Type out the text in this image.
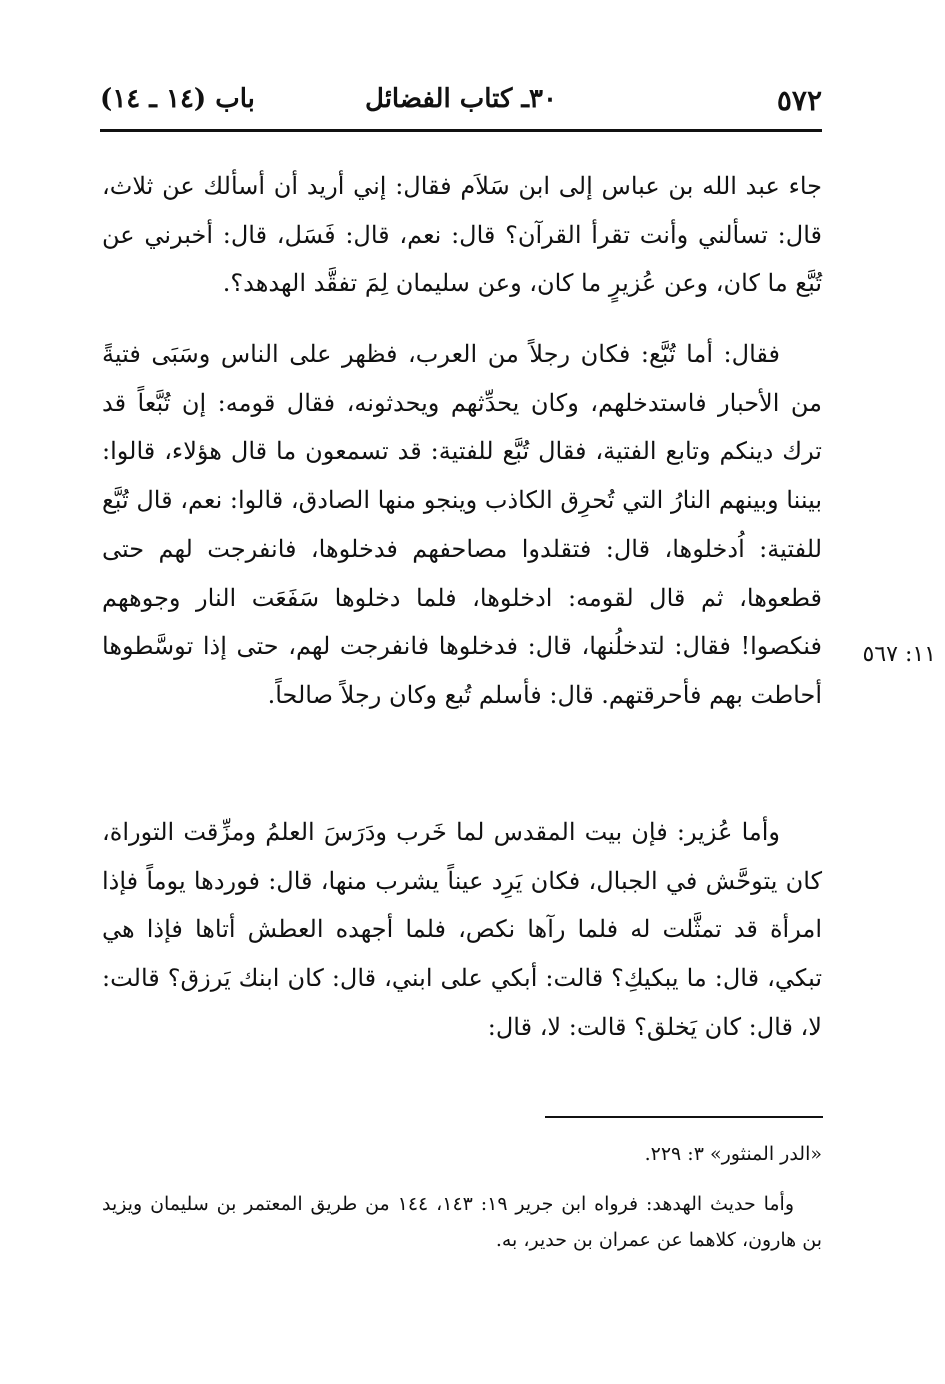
٥٧٢
٣٠ـ كتاب الفضائل
باب (١٤ ـ ١٤)

جاء عبد الله بن عباس إلى ابن سَلاَم فقال: إني أريد أن أسألك عن ثلاث، قال: تسألني وأنت تقرأ القرآن؟ قال: نعم، قال: فَسَل، قال: أخبرني عن تُبَّع ما كان، وعن عُزيرٍ ما كان، وعن سليمان لِمَ تفقَّد الهدهد؟.

فقال: أما تُبَّع: فكان رجلاً من العرب، فظهر على الناس وسَبَى فتيةً من الأحبار فاستدخلهم، وكان يحدِّثهم ويحدثونه، فقال قومه: إن تُبَّعاً قد ترك دينكم وتابع الفتية، فقال تُبَّع للفتية: قد تسمعون ما قال هؤلاء، قالوا: بيننا وبينهم النارُ التي تُحرِق الكاذب وينجو منها الصادق، قالوا: نعم، قال تُبَّع للفتية: اُدخلوها، قال: فتقلدوا مصاحفهم فدخلوها، فانفرجت لهم حتى قطعوها، ثم قال لقومه: ادخلوها، فلما دخلوها سَفَعَت النار وجوههم فنكصوا! فقال: لتدخلُنها، قال: فدخلوها فانفرجت لهم، حتى إذا توسَّطوها أحاطت بهم فأحرقتهم. قال: فأسلم تُبع وكان رجلاً صالحاً.

١١: ٥٦٧

وأما عُزير: فإن بيت المقدس لما خَرب ودَرَسَ العلمُ ومزِّقت التوراة، كان يتوحَّش في الجبال، فكان يَرِد عيناً يشرب منها، قال: فوردها يوماً فإذا امرأة قد تمثَّلت له فلما رآها نكص، فلما أجهده العطش أتاها فإذا هي تبكي، قال: ما يبكيكِ؟ قالت: أبكي على ابني، قال: كان ابنك يَرزق؟ قالت: لا، قال: كان يَخلق؟ قالت: لا، قال:

«الدر المنثور» ٣: ٢٢٩.

وأما حديث الهدهد: فرواه ابن جرير ١٩: ١٤٣، ١٤٤ من طريق المعتمر بن سليمان ويزيد بن هارون، كلاهما عن عمران بن حدير، به.
